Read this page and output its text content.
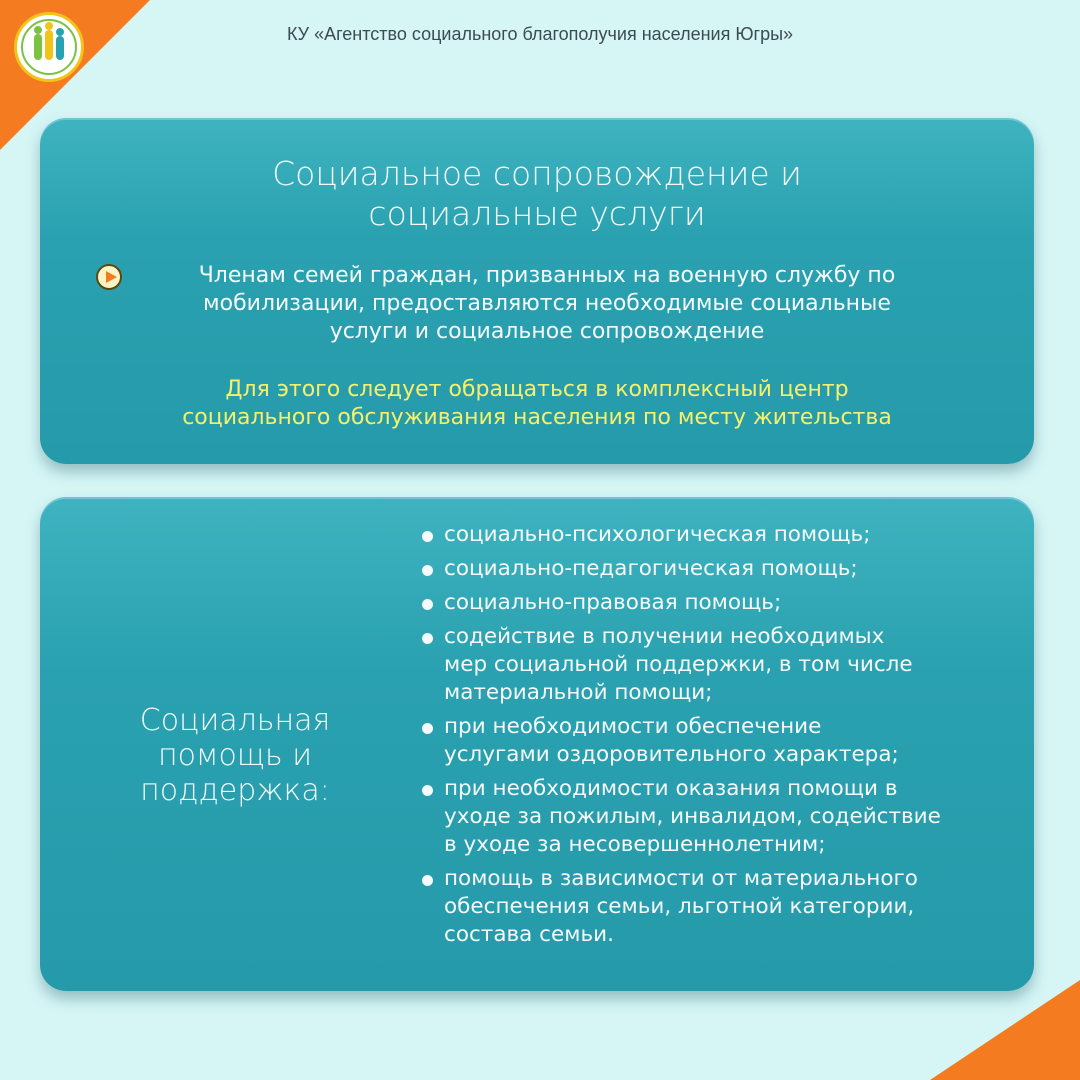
КУ «Агентство социального благополучия населения Югры»
Социальное сопровождение и
социальные услуги
Членам семей граждан, призванных на военную службу по
мобилизации, предоставляются необходимые социальные
услуги и социальное сопровождение
Для этого следует обращаться в комплексный центр
социального обслуживания населения по месту жительства
Социальная
помощь и
поддержка:
социально-психологическая помощь;
социально-педагогическая помощь;
социально-правовая помощь;
содействие в получении необходимых
мер социальной поддержки, в том числе
материальной помощи;
при необходимости обеспечение
услугами оздоровительного характера;
при необходимости оказания помощи в
уходе за пожилым, инвалидом, содействие
в уходе за несовершеннолетним;
помощь в зависимости от материального
обеспечения семьи, льготной категории,
состава семьи.
